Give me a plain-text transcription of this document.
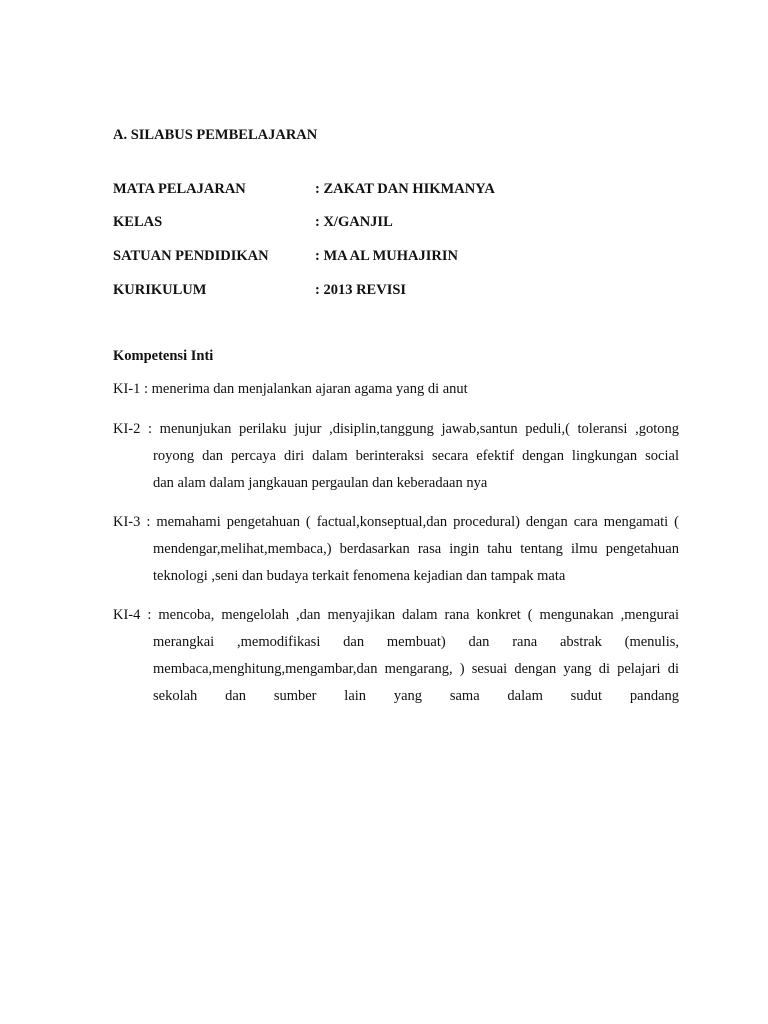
A. SILABUS PEMBELAJARAN
MATA PELAJARAN	: ZAKAT DAN HIKMANYA
KELAS	: X/GANJIL
SATUAN PENDIDIKAN	: MA AL MUHAJIRIN
KURIKULUM	: 2013 REVISI
Kompetensi Inti
KI-1 : menerima dan menjalankan ajaran agama yang di anut
KI-2 : menunjukan perilaku jujur ,disiplin,tanggung jawab,santun peduli,( toleransi ,gotong
royong dan percaya diri dalam berinteraksi secara efektif dengan lingkungan social
dan alam dalam jangkauan pergaulan dan keberadaan nya
KI-3 : memahami pengetahuan ( factual,konseptual,dan procedural) dengan cara mengamati (
mendengar,melihat,membaca,) berdasarkan rasa ingin tahu tentang ilmu pengetahuan
teknologi ,seni dan budaya terkait fenomena kejadian dan tampak mata
KI-4 : mencoba, mengelolah ,dan menyajikan dalam rana konkret ( mengunakan ,mengurai
merangkai ,memodifikasi dan membuat) dan rana abstrak (menulis,
membaca,menghitung,mengambar,dan mengarang, ) sesuai dengan yang di pelajari di
sekolah dan sumber lain yang sama dalam sudut pandang
